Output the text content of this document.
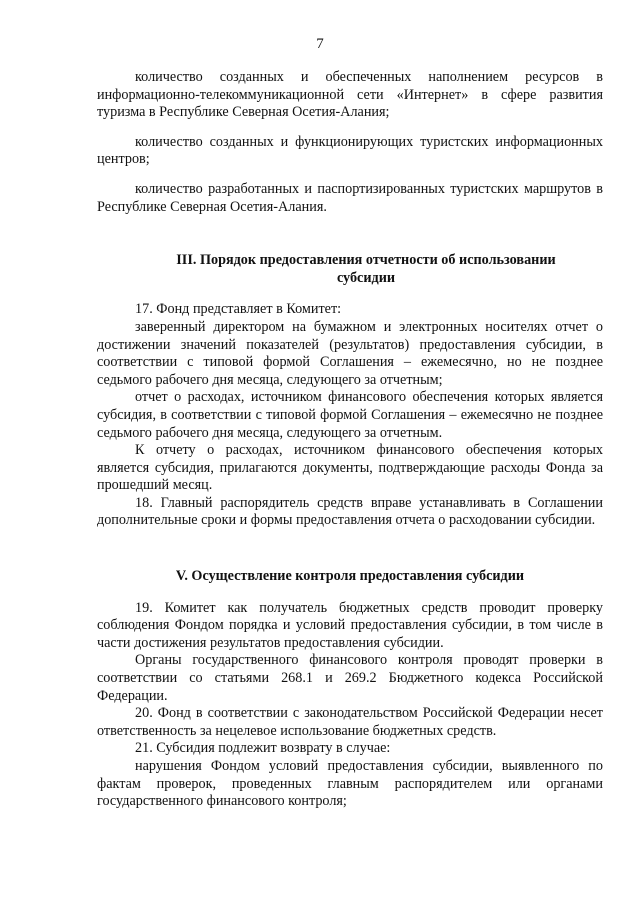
7

количество созданных и обеспеченных наполнением ресурсов в информационно-телекоммуникационной сети «Интернет» в сфере развития туризма в Республике Северная Осетия-Алания;

количество созданных и функционирующих туристских информационных центров;

количество разработанных и паспортизированных туристских маршрутов в Республике Северная Осетия-Алания.

III. Порядок предоставления отчетности об использовании субсидии

17. Фонд представляет в Комитет:

заверенный директором на бумажном и электронных носителях отчет о достижении значений показателей (результатов) предоставления субсидии, в соответствии с типовой формой Соглашения – ежемесячно, но не позднее седьмого рабочего дня месяца, следующего за отчетным;

отчет о расходах, источником финансового обеспечения которых является субсидия, в соответствии с типовой формой Соглашения – ежемесячно не позднее седьмого рабочего дня месяца, следующего за отчетным.

К отчету о расходах, источником финансового обеспечения которых является субсидия, прилагаются документы, подтверждающие расходы Фонда за прошедший месяц.

18. Главный распорядитель средств вправе устанавливать в Соглашении дополнительные сроки и формы предоставления отчета о расходовании субсидии.

V. Осуществление контроля предоставления субсидии

19. Комитет как получатель бюджетных средств проводит проверку соблюдения Фондом порядка и условий предоставления субсидии, в том числе в части достижения результатов предоставления субсидии.

Органы государственного финансового контроля проводят проверки в соответствии со статьями 268.1 и 269.2 Бюджетного кодекса Российской Федерации.

20. Фонд в соответствии с законодательством Российской Федерации несет ответственность за нецелевое использование бюджетных средств.

21. Субсидия подлежит возврату в случае:

нарушения Фондом условий предоставления субсидии, выявленного по фактам проверок, проведенных главным распорядителем или органами государственного финансового контроля;
